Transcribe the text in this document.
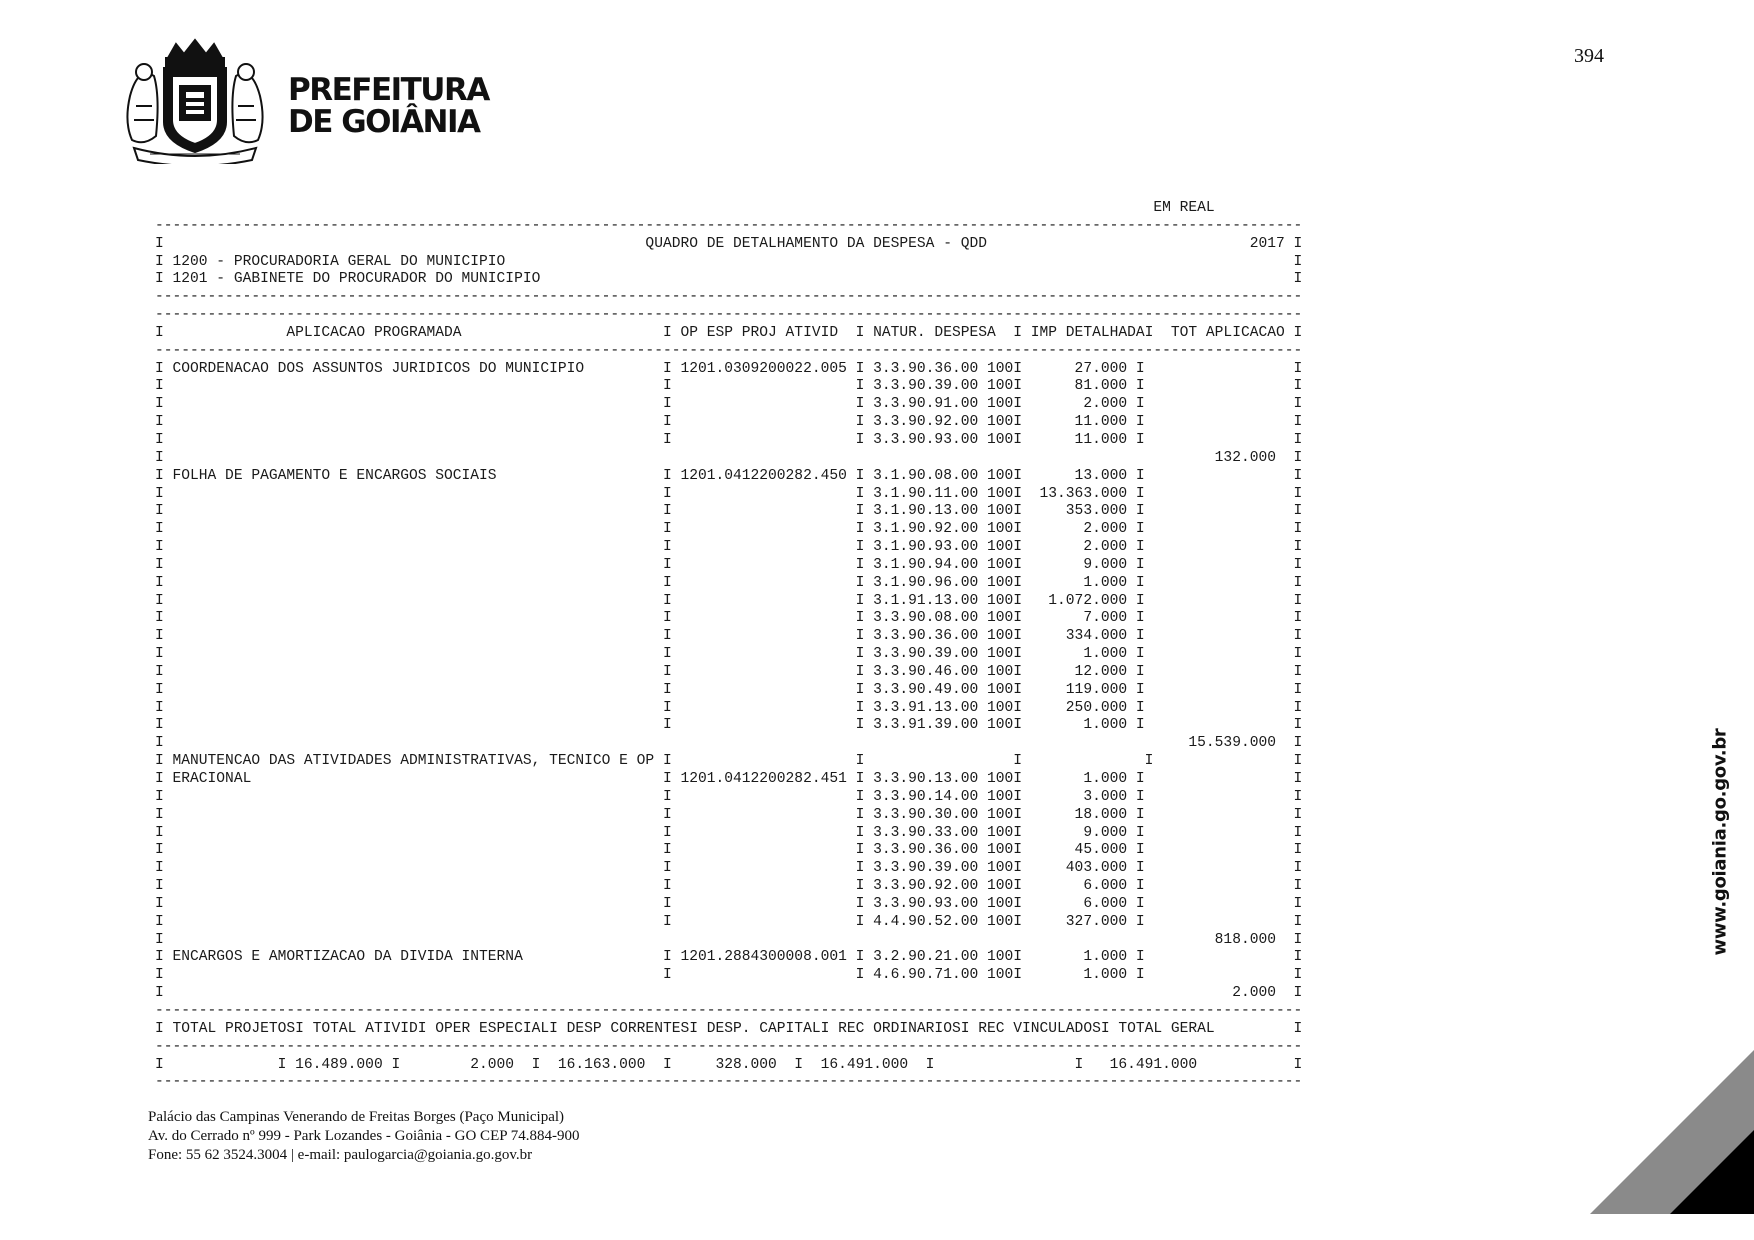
PREFEITURA
DE GOIÂNIA
394
www.goiania.go.gov.br
EM REAL
-----------------------------------------------------------------------------------------------------------------------------------
I                                                       QUADRO DE DETALHAMENTO DA DESPESA - QDD                              2017 I
I 1200 - PROCURADORIA GERAL DO MUNICIPIO                                                                                          I
I 1201 - GABINETE DO PROCURADOR DO MUNICIPIO                                                                                      I
-----------------------------------------------------------------------------------------------------------------------------------
-----------------------------------------------------------------------------------------------------------------------------------
I              APLICACAO PROGRAMADA                       I OP ESP PROJ ATIVID  I NATUR. DESPESA  I IMP DETALHADAI  TOT APLICACAO I
-----------------------------------------------------------------------------------------------------------------------------------
I COORDENACAO DOS ASSUNTOS JURIDICOS DO MUNICIPIO         I 1201.0309200022.005 I 3.3.90.36.00 100I      27.000 I                 I
I                                                         I                     I 3.3.90.39.00 100I      81.000 I                 I
I                                                         I                     I 3.3.90.91.00 100I       2.000 I                 I
I                                                         I                     I 3.3.90.92.00 100I      11.000 I                 I
I                                                         I                     I 3.3.90.93.00 100I      11.000 I                 I
I                                                                                                                        132.000  I
I FOLHA DE PAGAMENTO E ENCARGOS SOCIAIS                   I 1201.0412200282.450 I 3.1.90.08.00 100I      13.000 I                 I
I                                                         I                     I 3.1.90.11.00 100I  13.363.000 I                 I
I                                                         I                     I 3.1.90.13.00 100I     353.000 I                 I
I                                                         I                     I 3.1.90.92.00 100I       2.000 I                 I
I                                                         I                     I 3.1.90.93.00 100I       2.000 I                 I
I                                                         I                     I 3.1.90.94.00 100I       9.000 I                 I
I                                                         I                     I 3.1.90.96.00 100I       1.000 I                 I
I                                                         I                     I 3.1.91.13.00 100I   1.072.000 I                 I
I                                                         I                     I 3.3.90.08.00 100I       7.000 I                 I
I                                                         I                     I 3.3.90.36.00 100I     334.000 I                 I
I                                                         I                     I 3.3.90.39.00 100I       1.000 I                 I
I                                                         I                     I 3.3.90.46.00 100I      12.000 I                 I
I                                                         I                     I 3.3.90.49.00 100I     119.000 I                 I
I                                                         I                     I 3.3.91.13.00 100I     250.000 I                 I
I                                                         I                     I 3.3.91.39.00 100I       1.000 I                 I
I                                                                                                                     15.539.000  I
I MANUTENCAO DAS ATIVIDADES ADMINISTRATIVAS, TECNICO E OP I                     I                 I              I                I
I ERACIONAL                                               I 1201.0412200282.451 I 3.3.90.13.00 100I       1.000 I                 I
I                                                         I                     I 3.3.90.14.00 100I       3.000 I                 I
I                                                         I                     I 3.3.90.30.00 100I      18.000 I                 I
I                                                         I                     I 3.3.90.33.00 100I       9.000 I                 I
I                                                         I                     I 3.3.90.36.00 100I      45.000 I                 I
I                                                         I                     I 3.3.90.39.00 100I     403.000 I                 I
I                                                         I                     I 3.3.90.92.00 100I       6.000 I                 I
I                                                         I                     I 3.3.90.93.00 100I       6.000 I                 I
I                                                         I                     I 4.4.90.52.00 100I     327.000 I                 I
I                                                                                                                        818.000  I
I ENCARGOS E AMORTIZACAO DA DIVIDA INTERNA                I 1201.2884300008.001 I 3.2.90.21.00 100I       1.000 I                 I
I                                                         I                     I 4.6.90.71.00 100I       1.000 I                 I
I                                                                                                                          2.000  I
-----------------------------------------------------------------------------------------------------------------------------------
I TOTAL PROJETOSI TOTAL ATIVIDI OPER ESPECIALI DESP CORRENTESI DESP. CAPITALI REC ORDINARIOSI REC VINCULADOSI TOTAL GERAL         I
-----------------------------------------------------------------------------------------------------------------------------------
I             I 16.489.000 I        2.000  I  16.163.000  I     328.000  I  16.491.000  I                I   16.491.000           I
-----------------------------------------------------------------------------------------------------------------------------------
Palácio das Campinas Venerando de Freitas Borges (Paço Municipal)
Av. do Cerrado nº 999 - Park Lozandes - Goiânia - GO CEP 74.884-900
Fone: 55 62 3524.3004 | e-mail: paulogarcia@goiania.go.gov.br
